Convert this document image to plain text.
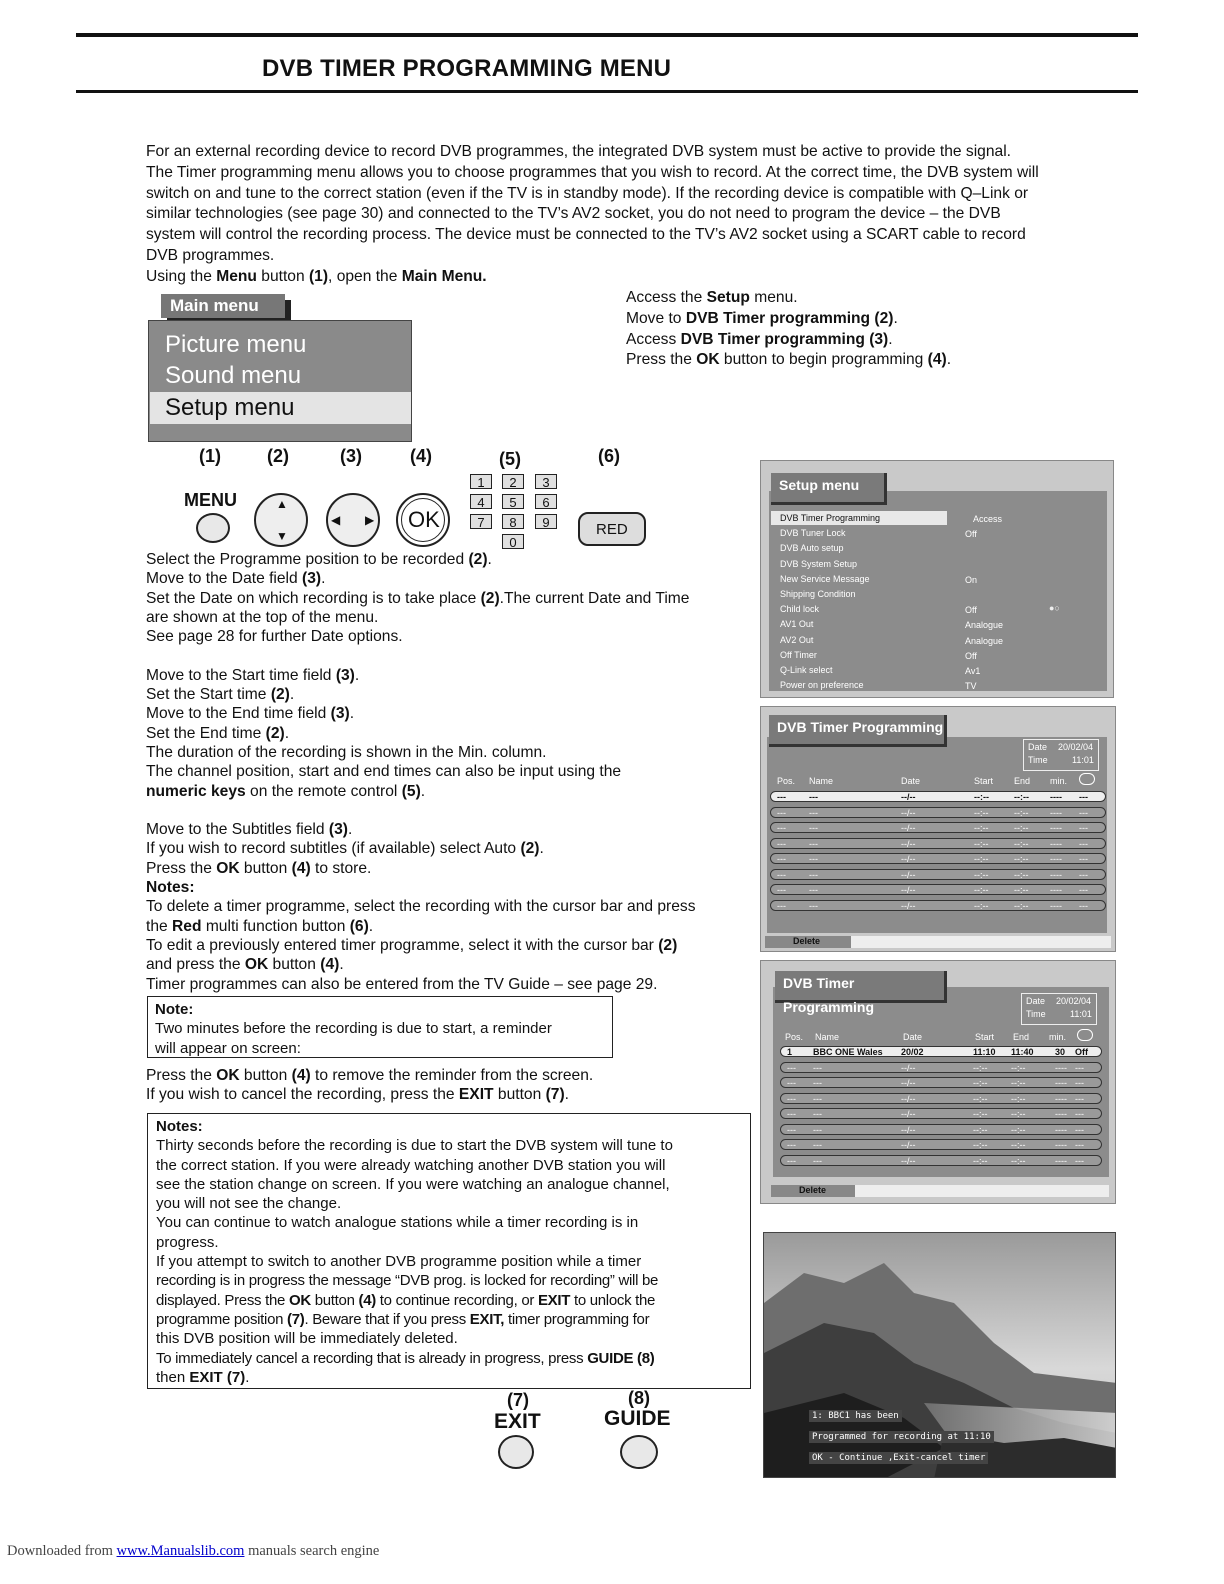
DVB TIMER PROGRAMMING MENU

For an external recording device to record DVB programmes, the integrated DVB system must be active to provide the signal.

The Timer programming menu allows you to choose programmes that you wish to record. At the correct time, the DVB system will

switch on and tune to the correct station (even if the TV is in standby mode). If the recording device is compatible with Q–Link or

similar technologies (see page 30) and connected to the TV’s AV2 socket, you do not need to program the device – the DVB

system will control the recording process. The device must be connected to the TV’s AV2 socket using a SCART cable to record

DVB programmes.

Using the Menu button (1), open the Main Menu.

Main menu
Picture menu
Sound menu
Setup menu

Access the Setup menu.

Move to DVB Timer programming (2).

Access DVB Timer programming (3).

Press the OK button to begin programming (4).

(1)	(2)	(3)	(4)	(5)	(6)
MENU	▲
▼
◀ ▶ OK
1	2	3
4	5	6
7	8	9
0
RED

Select the Programme position to be recorded (2).

Move to the Date field (3).

Set the Date on which recording is to take place (2).The current Date and Time

are shown at the top of the menu.

See page 28 for further Date options.

Move to the Start time field (3).

Set the Start time (2).

Move to the End time field (3).

Set the End time (2).

The duration of the recording is shown in the Min. column.

The channel position, start and end times can also be input using the

numeric keys on the remote control (5).

Move to the Subtitles field (3).

If you wish to record subtitles (if available) select Auto (2).

Press the OK button (4) to store.

Notes:

To delete a timer programme, select the recording with the cursor bar and press

the Red multi function button (6).

To edit a previously entered timer programme, select it with the cursor bar (2)

and press the OK button (4).

Timer programmes can also be entered from the TV Guide – see page 29.

Note:

Two minutes before the recording is due to start, a reminder

will appear on screen:

Press the OK button (4) to remove the reminder from the screen.

If you wish to cancel the recording, press the EXIT button (7).

Notes:

Thirty seconds before the recording is due to start the DVB system will tune to

the correct station. If you were already watching another DVB station you will

see the station change on screen. If you were watching an analogue channel,

you will not see the change.

You can continue to watch analogue stations while a timer recording is in

progress.

If you attempt to switch to another DVB programme position while a timer

recording is in progress the message “DVB prog. is locked for recording” will be

displayed. Press the OK button (4) to continue recording, or EXIT to unlock the

programme position (7). Beware that if you press EXIT, timer programming for

this DVB position will be immediately deleted.

To immediately cancel a recording that is already in progress, press GUIDE (8)

then EXIT (7).

(7)
EXIT
(8)
GUIDE
Setup menu
DVB Timer Programming	Access
DVB Tuner Lock	Off
DVB Auto setup
DVB System Setup
New Service Message	On
Shipping Condition
Child lock	Off
AV1 Out	Analogue
AV2 Out	Analogue
Off Timer	Off
Q-Link select	Av1
Power on preference	TV
●○
DVB Timer Programming
Date 20/02/04
Time	11:01
Pos. Name	Date	Start End min.
---	---	--/--	--:--	--:-- ---- ---
---	---	--/--	--:--	--:-- ---- ---
---	---	--/--	--:--	--:-- ---- ---
---	---	--/--	--:--	--:-- ---- ---
---	---	--/--	--:--	--:-- ---- ---
---	---	--/--	--:--	--:-- ---- ---
---	---	--/--	--:--	--:-- ---- ---
---	---	--/--	--:--	--:-- ---- ---
Delete
DVB Timer Programming	Date 20/02/04
Time	11:01
Pos. Name	Date	Start End min.
1 BBC ONE Wales 20/02	11:10 11:40 30 Off
--- ---	--/--	--:--	--:--	---- ---
--- ---	--/--	--:--	--:--	---- ---
--- ---	--/--	--:--	--:--	---- ---
--- ---	--/--	--:--	--:--	---- ---
--- ---	--/--	--:--	--:--	---- ---
--- ---	--/--	--:--	--:--	---- ---
--- ---	--/--	--:--	--:--	---- ---
Delete
1: BBC1 has been
Programmed for recording at 11:10
OK - Continue ,Exit-cancel timer
Downloaded from www.Manualslib.com manuals search engine
